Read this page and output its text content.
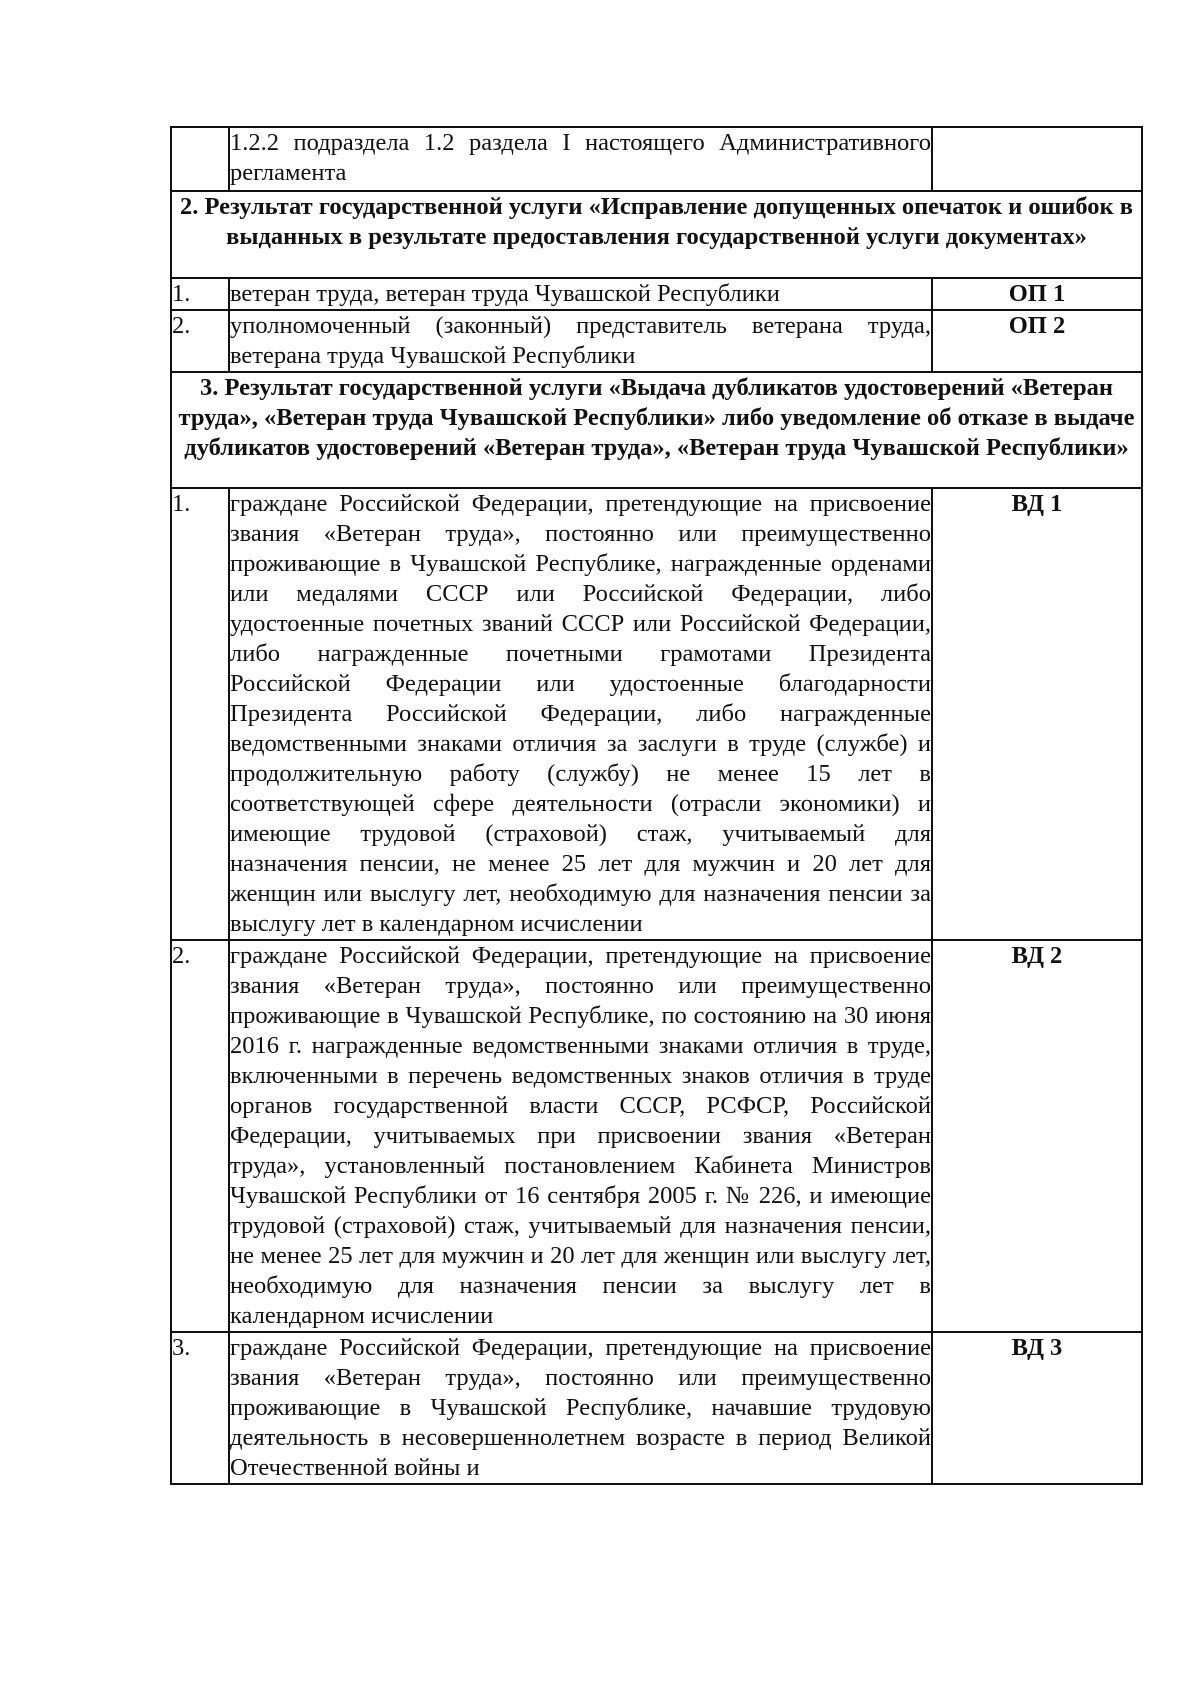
	1.2.2 подраздела 1.2 раздела I настоящего Административного регламента	
2. Результат государственной услуги «Исправление допущенных опечаток и ошибок в выданных в результате предоставления государственной услуги документах»		
1.	ветеран труда, ветеран труда Чувашской Республики	ОП 1
2.	уполномоченный (законный) представитель ветерана труда, ветерана труда Чувашской Республики	ОП 2
3. Результат государственной услуги «Выдача дубликатов удостоверений «Ветеран труда», «Ветеран труда Чувашской Республики» либо уведомление об отказе в выдаче дубликатов удостоверений «Ветеран труда», «Ветеран труда Чувашской Республики»		
1.	граждане Российской Федерации, претендующие на присвоение звания «Ветеран труда», постоянно или преимущественно проживающие в Чувашской Республике, награжденные орденами или медалями СССР или Российской Федерации, либо удостоенные почетных званий СССР или Российской Федерации, либо награжденные почетными грамотами Президента Российской Федерации или удостоенные благодарности Президента Российской Федерации, либо награжденные ведомственными знаками отличия за заслуги в труде (службе) и продолжительную работу (службу) не менее 15 лет в соответствующей сфере деятельности (отрасли экономики) и имеющие трудовой (страховой) стаж, учитываемый для назначения пенсии, не менее 25 лет для мужчин и 20 лет для женщин или выслугу лет, необходимую для назначения пенсии за выслугу лет в календарном исчислении	ВД 1
2.	граждане Российской Федерации, претендующие на присвоение звания «Ветеран труда», постоянно или преимущественно проживающие в Чувашской Республике, по состоянию на 30 июня 2016 г. награжденные ведомственными знаками отличия в труде, включенными в перечень ведомственных знаков отличия в труде органов государственной власти СССР, РСФСР, Российской Федерации, учитываемых при присвоении звания «Ветеран труда», установленный постановлением Кабинета Министров Чувашской Республики от 16 сентября 2005 г. № 226, и имеющие трудовой (страховой) стаж, учитываемый для назначения пенсии, не менее 25 лет для мужчин и 20 лет для женщин или выслугу лет, необходимую для назначения пенсии за выслугу лет в календарном исчислении	ВД 2
3.	граждане Российской Федерации, претендующие на присвоение звания «Ветеран труда», постоянно или преимущественно проживающие в Чувашской Республике, начавшие трудовую деятельность в несовершеннолетнем возрасте в период Великой Отечественной войны и	ВД 3
